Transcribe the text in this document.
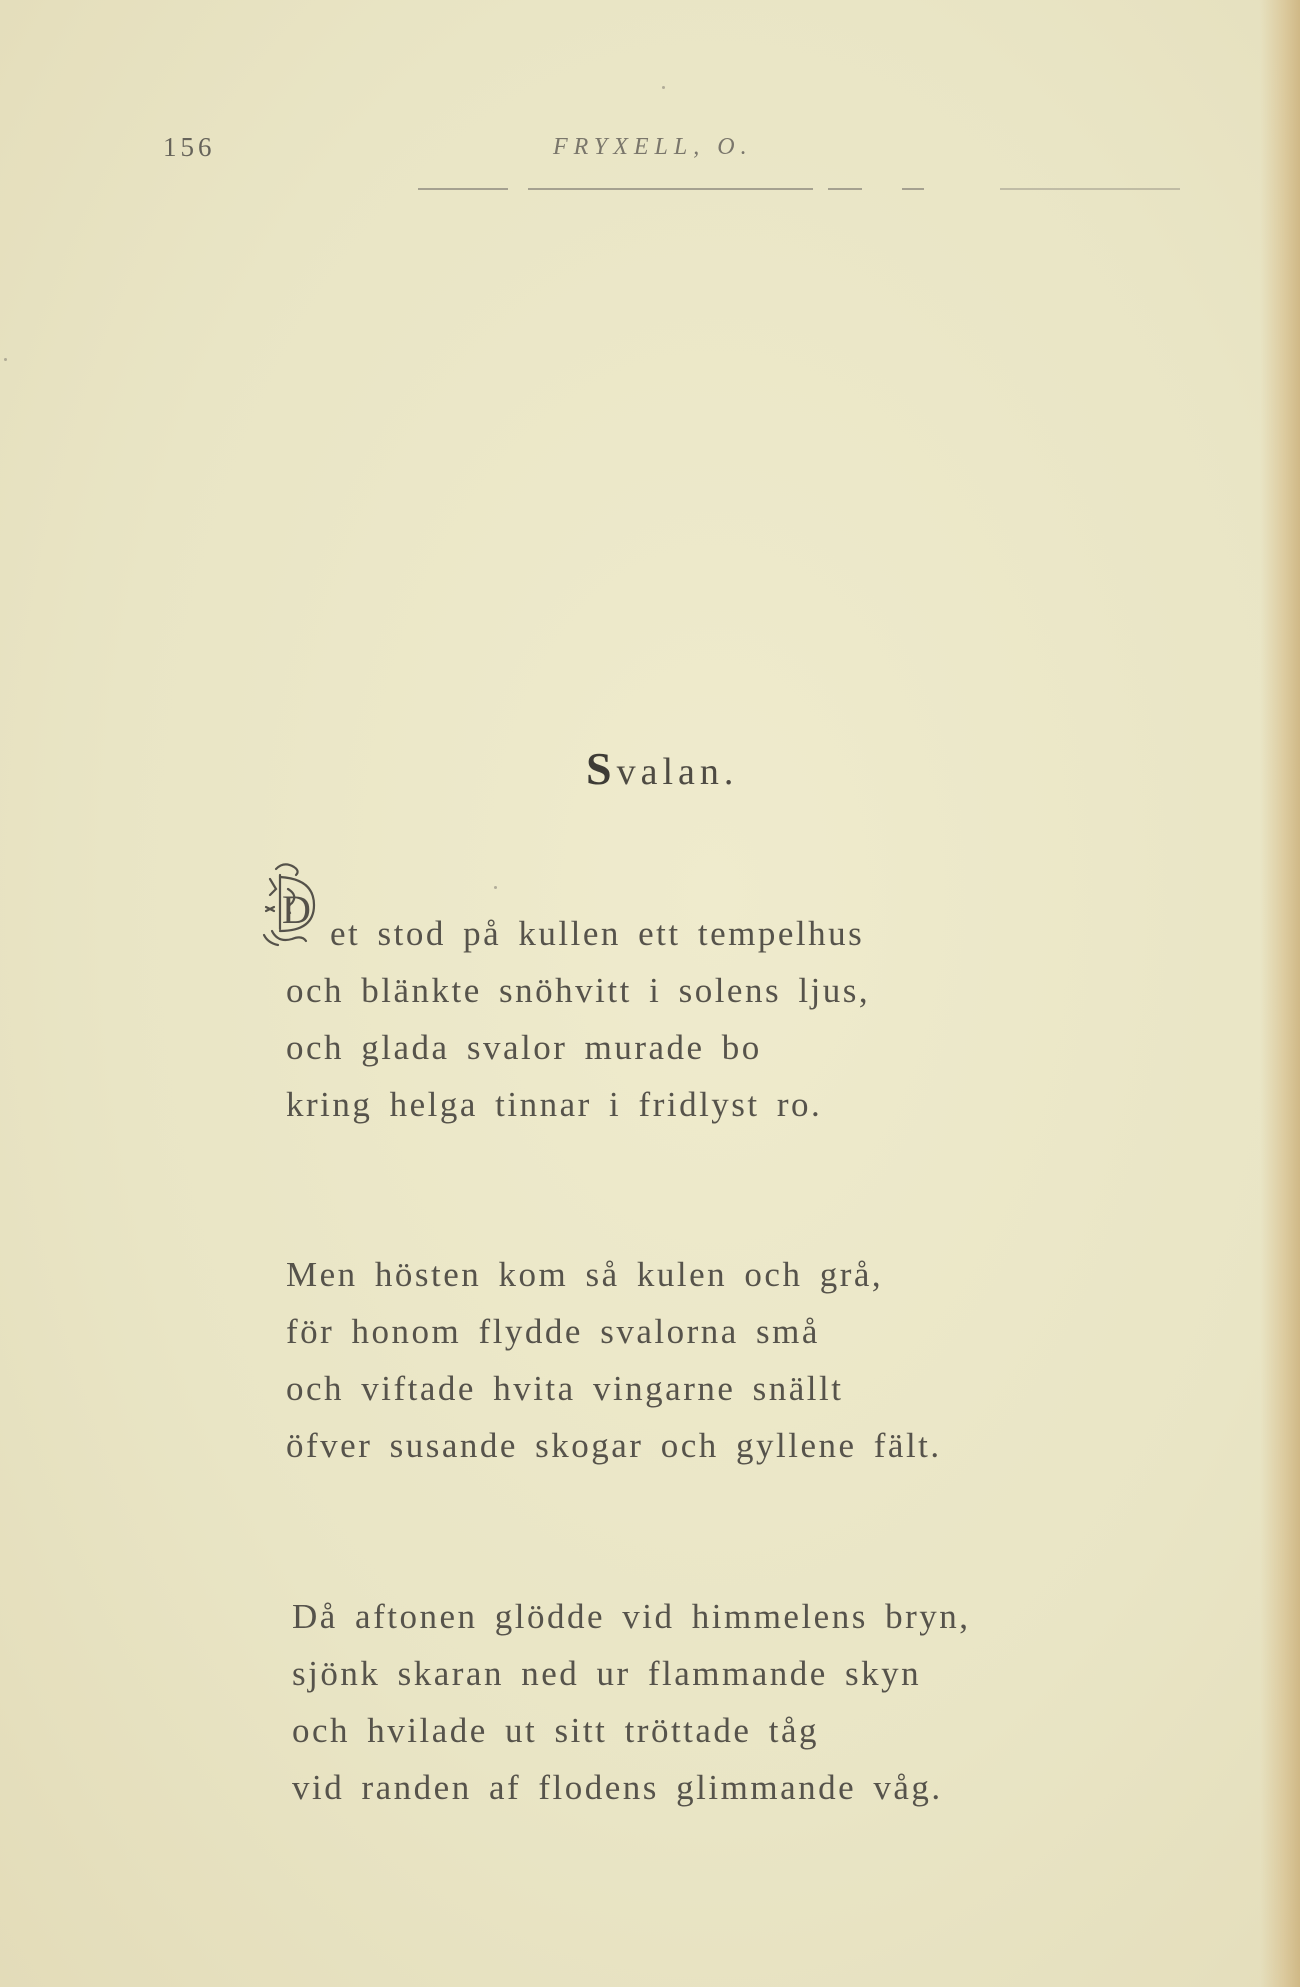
156	FRYXELL, O.
Svalan.
D
et stod på kullen ett tempelhus
och blänkte snöhvitt i solens ljus,
och glada svalor murade bo
kring helga tinnar i fridlyst ro.
Men hösten kom så kulen och grå,
för honom flydde svalorna små
och viftade hvita vingarne snällt
öfver susande skogar och gyllene fält.
Då aftonen glödde vid himmelens bryn,
sjönk skaran ned ur flammande skyn
och hvilade ut sitt tröttade tåg
vid randen af flodens glimmande våg.
